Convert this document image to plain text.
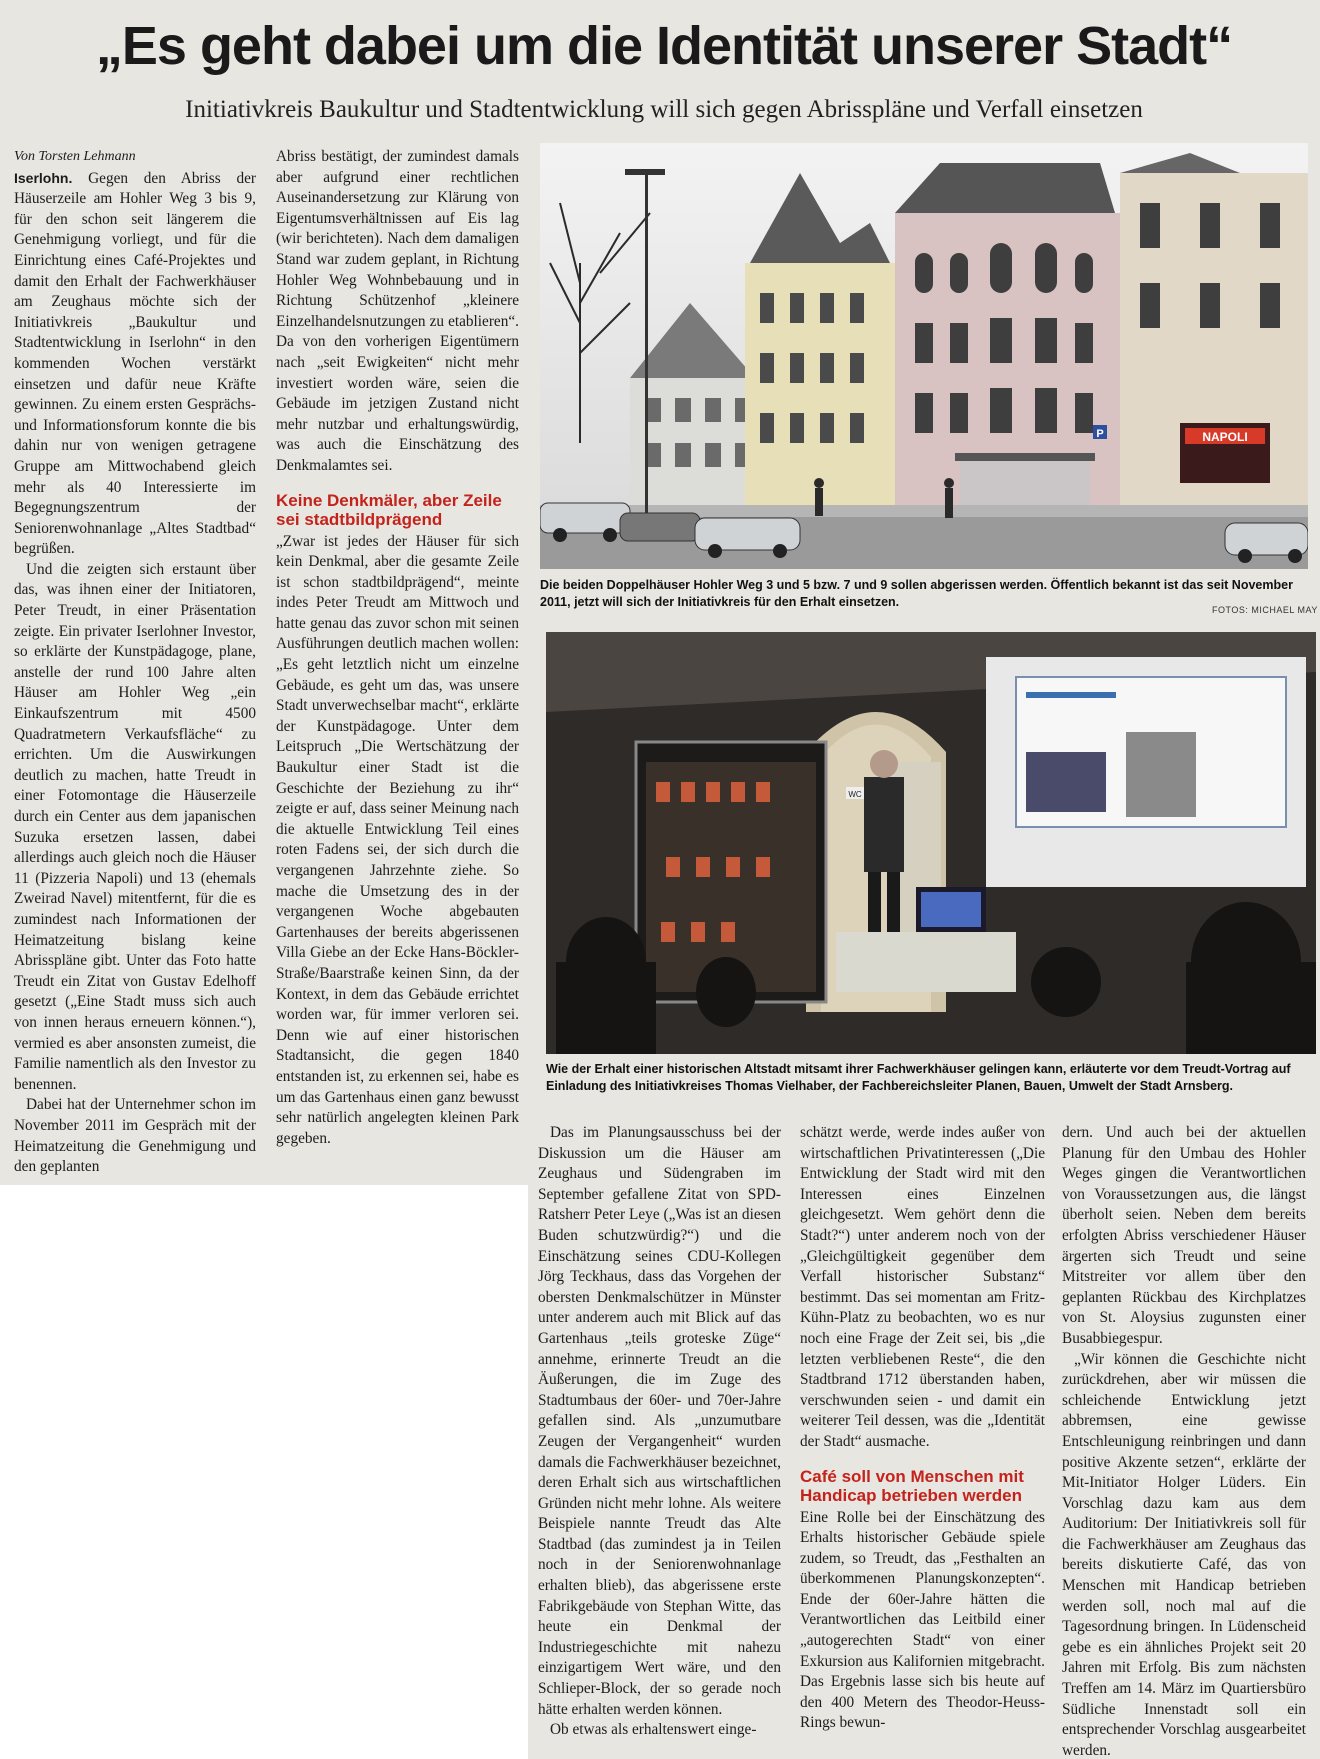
„Es geht dabei um die Identität unserer Stadt“
Initiativkreis Baukultur und Stadtentwicklung will sich gegen Abrisspläne und Verfall einsetzen

Von Torsten Lehmann

Iserlohn. Gegen den Abriss der Häuserzeile am Hohler Weg 3 bis 9, für den schon seit längerem die Genehmigung vorliegt, und für die Einrichtung eines Café-Projektes und damit den Erhalt der Fachwerkhäuser am Zeughaus möchte sich der Initiativkreis „Baukultur und Stadtentwicklung in Iserlohn“ in den kommenden Wochen verstärkt einsetzen und dafür neue Kräfte gewinnen. Zu einem ersten Gesprächs- und Informationsforum konnte die bis dahin nur von wenigen getragene Gruppe am Mittwochabend gleich mehr als 40 Interessierte im Begegnungszentrum der Seniorenwohnanlage „Altes Stadtbad“ begrüßen.

Und die zeigten sich erstaunt über das, was ihnen einer der Initiatoren, Peter Treudt, in einer Präsentation zeigte. Ein privater Iserlohner Investor, so erklärte der Kunstpädagoge, plane, anstelle der rund 100 Jahre alten Häuser am Hohler Weg „ein Einkaufszentrum mit 4500 Quadratmetern Verkaufsfläche“ zu errichten. Um die Auswirkungen deutlich zu machen, hatte Treudt in einer Fotomontage die Häuserzeile durch ein Center aus dem japanischen Suzuka ersetzen lassen, dabei allerdings auch gleich noch die Häuser 11 (Pizzeria Napoli) und 13 (ehemals Zweirad Navel) mitentfernt, für die es zumindest nach Informationen der Heimatzeitung bislang keine Abrisspläne gibt. Unter das Foto hatte Treudt ein Zitat von Gustav Edelhoff gesetzt („Eine Stadt muss sich auch von innen heraus erneuern können.“), vermied es aber ansonsten zumeist, die Familie namentlich als den Investor zu benennen.

Dabei hat der Unternehmer schon im November 2011 im Gespräch mit der Heimatzeitung die Genehmigung und den geplanten

Abriss bestätigt, der zumindest damals aber aufgrund einer rechtlichen Auseinandersetzung zur Klärung von Eigentumsverhältnissen auf Eis lag (wir berichteten). Nach dem damaligen Stand war zudem geplant, in Richtung Hohler Weg Wohnbebauung und in Richtung Schützenhof „kleinere Einzelhandelsnutzungen zu etablieren“. Da von den vorherigen Eigentümern nach „seit Ewigkeiten“ nicht mehr investiert worden wäre, seien die Gebäude im jetzigen Zustand nicht mehr nutzbar und erhaltungswürdig, was auch die Einschätzung des Denkmalamtes sei.

Keine Denkmäler, aber Zeile sei stadtbildprägend

„Zwar ist jedes der Häuser für sich kein Denkmal, aber die gesamte Zeile ist schon stadtbildprägend“, meinte indes Peter Treudt am Mittwoch und hatte genau das zuvor schon mit seinen Ausführungen deutlich machen wollen: „Es geht letztlich nicht um einzelne Gebäude, es geht um das, was unsere Stadt unverwechselbar macht“, erklärte der Kunstpädagoge. Unter dem Leitspruch „Die Wertschätzung der Baukultur einer Stadt ist die Geschichte der Beziehung zu ihr“ zeigte er auf, dass seiner Meinung nach die aktuelle Entwicklung Teil eines roten Fadens sei, der sich durch die vergangenen Jahrzehnte ziehe. So mache die Umsetzung des in der vergangenen Woche abgebauten Gartenhauses der bereits abgerissenen Villa Giebe an der Ecke Hans-Böckler-Straße/Baarstraße keinen Sinn, da der Kontext, in dem das Gebäude errichtet worden war, für immer verloren sei. Denn wie auf einer historischen Stadtansicht, die gegen 1840 entstanden ist, zu erkennen sei, habe es um das Gartenhaus einen ganz bewusst sehr natürlich angelegten kleinen Park gegeben.

NAPOLI
P
Die beiden Doppelhäuser Hohler Weg 3 und 5 bzw. 7 und 9 sollen abgerissen werden. Öffentlich bekannt ist das seit November 2011, jetzt will sich der Initiativkreis für den Erhalt einsetzen.
FOTOS: MICHAEL MAY
WC
Wie der Erhalt einer historischen Altstadt mitsamt ihrer Fachwerkhäuser gelingen kann, erläuterte vor dem Treudt-Vortrag auf Einladung des Initiativkreises Thomas Vielhaber, der Fachbereichsleiter Planen, Bauen, Umwelt der Stadt Arnsberg.

Das im Planungsausschuss bei der Diskussion um die Häuser am Zeughaus und Südengraben im September gefallene Zitat von SPD-Ratsherr Peter Leye („Was ist an diesen Buden schutzwürdig?“) und die Einschätzung seines CDU-Kollegen Jörg Teckhaus, dass das Vorgehen der obersten Denkmalschützer in Münster unter anderem auch mit Blick auf das Gartenhaus „teils groteske Züge“ annehme, erinnerte Treudt an die Äußerungen, die im Zuge des Stadtumbaus der 60er- und 70er-Jahre gefallen sind. Als „unzumutbare Zeugen der Vergangenheit“ wurden damals die Fachwerkhäuser bezeichnet, deren Erhalt sich aus wirtschaftlichen Gründen nicht mehr lohne. Als weitere Beispiele nannte Treudt das Alte Stadtbad (das zumindest ja in Teilen noch in der Seniorenwohnanlage erhalten blieb), das abgerissene erste Fabrikgebäude von Stephan Witte, das heute ein Denkmal der Industriegeschichte mit nahezu einzigartigem Wert wäre, und den Schlieper-Block, der so gerade noch hätte erhalten werden können.

Ob etwas als erhaltenswert einge-

schätzt werde, werde indes außer von wirtschaftlichen Privatinteressen („Die Entwicklung der Stadt wird mit den Interessen eines Einzelnen gleichgesetzt. Wem gehört denn die Stadt?“) unter anderem noch von der „Gleichgültigkeit gegenüber dem Verfall historischer Substanz“ bestimmt. Das sei momentan am Fritz-Kühn-Platz zu beobachten, wo es nur noch eine Frage der Zeit sei, bis „die letzten verbliebenen Reste“, die den Stadtbrand 1712 überstanden haben, verschwunden seien - und damit ein weiterer Teil dessen, was die „Identität der Stadt“ ausmache.

Café soll von Menschen mit Handicap betrieben werden

Eine Rolle bei der Einschätzung des Erhalts historischer Gebäude spiele zudem, so Treudt, das „Festhalten an überkommenen Planungskonzepten“. Ende der 60er-Jahre hätten die Verantwortlichen das Leitbild einer „autogerechten Stadt“ von einer Exkursion aus Kalifornien mitgebracht. Das Ergebnis lasse sich bis heute auf den 400 Metern des Theodor-Heuss-Rings bewun-

dern. Und auch bei der aktuellen Planung für den Umbau des Hohler Weges gingen die Verantwortlichen von Voraussetzungen aus, die längst überholt seien. Neben dem bereits erfolgten Abriss verschiedener Häuser ärgerten sich Treudt und seine Mitstreiter vor allem über den geplanten Rückbau des Kirchplatzes von St. Aloysius zugunsten einer Busabbiegespur.

„Wir können die Geschichte nicht zurückdrehen, aber wir müssen die schleichende Entwicklung jetzt abbremsen, eine gewisse Entschleunigung reinbringen und dann positive Akzente setzen“, erklärte der Mit-Initiator Holger Lüders. Ein Vorschlag dazu kam aus dem Auditorium: Der Initiativkreis soll für die Fachwerkhäuser am Zeughaus das bereits diskutierte Café, das von Menschen mit Handicap betrieben werden soll, noch mal auf die Tagesordnung bringen. In Lüdenscheid gebe es ein ähnliches Projekt seit 20 Jahren mit Erfolg. Bis zum nächsten Treffen am 14. März im Quartiersbüro Südliche Innenstadt soll ein entsprechender Vorschlag ausgearbeitet werden.
